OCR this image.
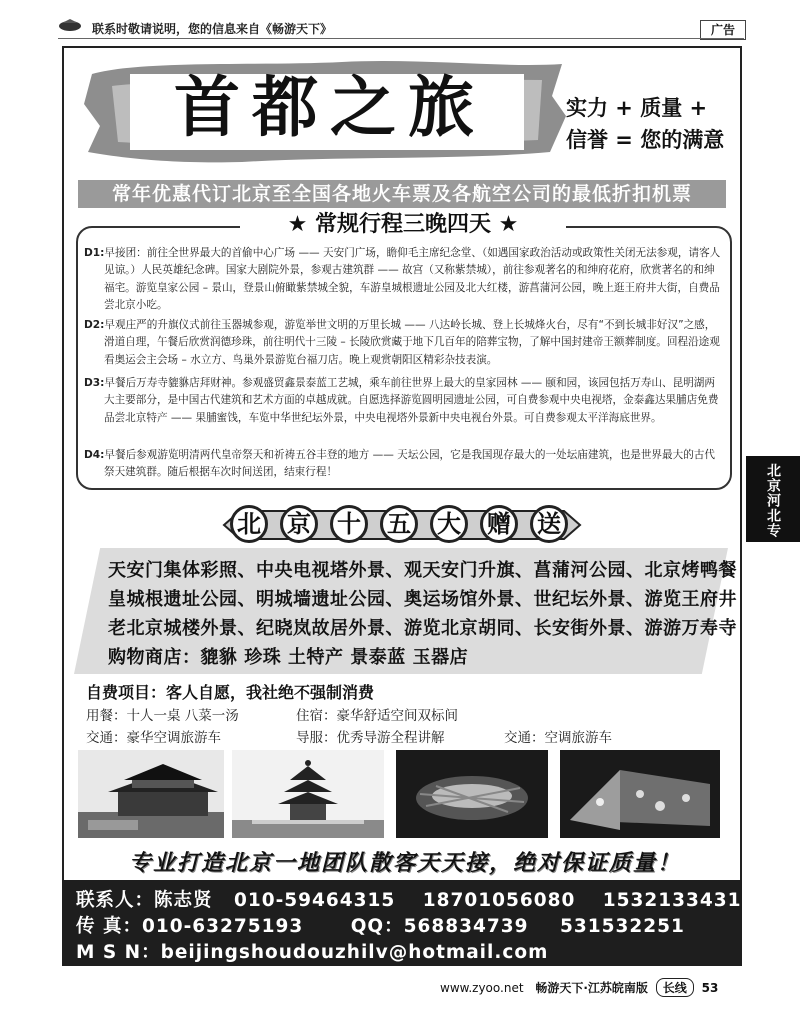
联系时敬请说明，您的信息来自《畅游天下》	广告
首都之旅	实力 + 质量 +
信誉 = 您的满意
常年优惠代订北京至全国各地火车票及各航空公司的最低折扣机票
★ 常规行程三晚四天 ★
D1:早接团：前往全世界最大的首偷中心广场 —— 天安门广场，瞻仰毛主席纪念堂、（如遇国家政治活动或政策性关闭无法参观，请客人见谅。）人民英雄纪念碑。国家大剧院外景，参观古建筑群 —— 故宫（又称紫禁城），前往参观著名的和绅府花府，欣赏著名的和绅福宅。游览皇家公园 – 景山，登景山俯瞰紫禁城全貌，车游皇城根遗址公园及北大红楼，游菖蒲河公园，晚上逛王府井大街，自费品尝北京小吃。
D2:早观庄严的升旗仪式前往玉器城参观，游览举世文明的万里长城 —— 八达岭长城、登上长城烽火台，尽有“不到长城非好汉”之感，滑道自理，午餐后欣赏润德珍珠，前往明代十三陵 – 长陵欣赏藏于地下几百年的陪葬宝物，了解中国封建帝王额葬制度。回程沿途观看奥运会主会场 – 水立方、鸟巢外景游览台福刀店。晚上观赏朝阳区精彩杂技表演。
D3:早餐后万寿寺貔貅店拜财神。参观盛贸鑫景泰蓝工艺城，乘车前往世界上最大的皇家园林 —— 颐和园，该园包括万寿山、昆明湖两大主要部分，是中国古代建筑和艺术方面的卓越成就。自愿选择游览圆明园遗址公园，可自费参观中央电视塔，金泰鑫达果脯店免费品尝北京特产 —— 果脯蜜饯，车览中华世纪坛外景，中央电视塔外景新中央电视台外景。可自费参观太平洋海底世界。
D4:早餐后参观游览明清两代皇帝祭天和祈祷五谷丰登的地方 —— 天坛公园，它是我国现存最大的一处坛庙建筑，也是世界最大的古代祭天建筑群。随后根据车次时间送团，结束行程！
北 京 十 五 大 赠 送
天安门集体彩照、中央电视塔外景、观天安门升旗、菖蒲河公园、北京烤鸭餐
皇城根遗址公园、明城墙遗址公园、奥运场馆外景、世纪坛外景、游览王府井
老北京城楼外景、纪晓岚故居外景、游览北京胡同、长安街外景、游游万寿寺
购物商店：貔貅 珍珠 土特产 景泰蓝 玉器店
自费项目：客人自愿，我社绝不强制消费
用餐：十人一桌 八菜一汤	住宿：豪华舒适空间双标间
交通：豪华空调旅游车	导服：优秀导游全程讲解	交通：空调旅游车
专业打造北京一地团队散客天天接，绝对保证质量！
联系人：陈志贤 010-59464315 18701056080 15321334315
传 真：010-63275193	QQ：568834739 531532251
M S N：beijingshoudouzhilv@hotmail.com
北京河北专线
www.zyoo.net 畅游天下·江苏皖南版 长线 53
